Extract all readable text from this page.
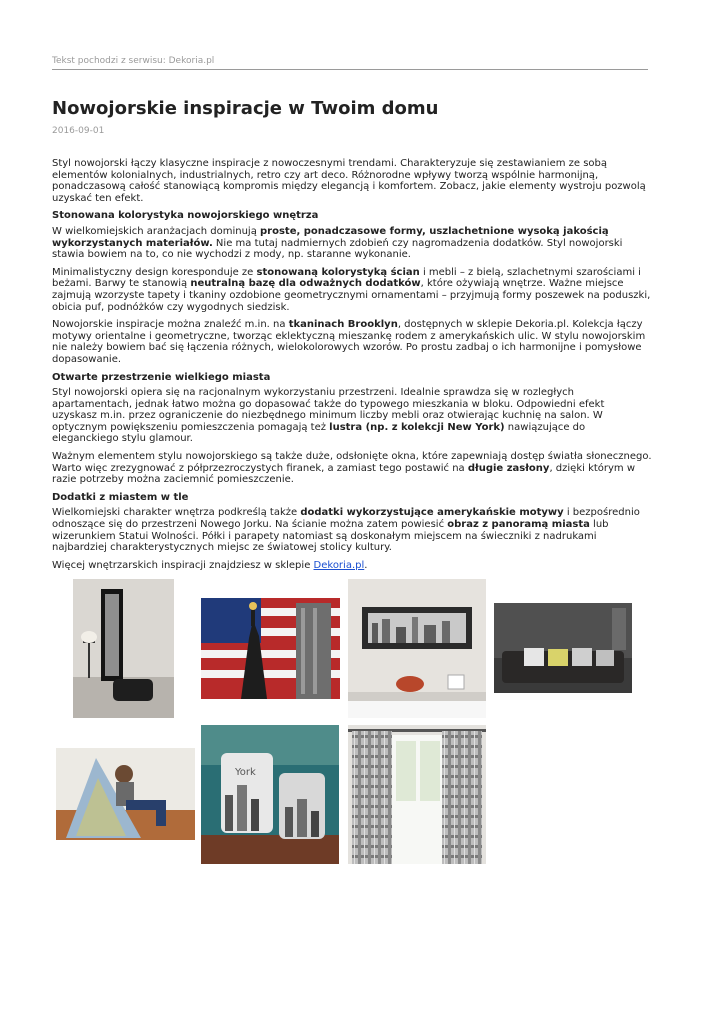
Tekst pochodzi z serwisu: Dekoria.pl
Nowojorskie inspiracje w Twoim domu
2016-09-01

Styl nowojorski łączy klasyczne inspiracje z nowoczesnymi trendami. Charakteryzuje się zestawianiem ze sobą elementów kolonialnych, industrialnych, retro czy art deco. Różnorodne wpływy tworzą wspólnie harmonijną, ponadczasową całość stanowiącą kompromis między elegancją i komfortem. Zobacz, jakie elementy wystroju pozwolą uzyskać ten efekt.

Stonowana kolorystyka nowojorskiego wnętrza

W wielkomiejskich aranżacjach dominują proste, ponadczasowe formy, uszlachetnione wysoką jakością wykorzystanych materiałów. Nie ma tutaj nadmiernych zdobień czy nagromadzenia dodatków. Styl nowojorski stawia bowiem na to, co nie wychodzi z mody, np. staranne wykonanie.

Minimalistyczny design koresponduje ze stonowaną kolorystyką ścian i mebli – z bielą, szlachetnymi szarościami i beżami. Barwy te stanowią neutralną bazę dla odważnych dodatków, które ożywiają wnętrze. Ważne miejsce zajmują wzorzyste tapety i tkaniny ozdobione geometrycznymi ornamentami – przyjmują formy poszewek na poduszki, obicia puf, podnóżków czy wygodnych siedzisk.

Nowojorskie inspiracje można znaleźć m.in. na tkaninach Brooklyn, dostępnych w sklepie Dekoria.pl. Kolekcja łączy motywy orientalne i geometryczne, tworząc eklektyczną mieszankę rodem z amerykańskich ulic. W stylu nowojorskim nie należy bowiem bać się łączenia różnych, wielokolorowych wzorów. Po prostu zadbaj o ich harmonijne i pomysłowe dopasowanie.

Otwarte przestrzenie wielkiego miasta

Styl nowojorski opiera się na racjonalnym wykorzystaniu przestrzeni. Idealnie sprawdza się w rozległych apartamentach, jednak łatwo można go dopasować także do typowego mieszkania w bloku. Odpowiedni efekt uzyskasz m.in. przez ograniczenie do niezbędnego minimum liczby mebli oraz otwierając kuchnię na salon. W optycznym powiększeniu pomieszczenia pomagają też lustra (np. z kolekcji New York) nawiązujące do eleganckiego stylu glamour.

Ważnym elementem stylu nowojorskiego są także duże, odsłonięte okna, które zapewniają dostęp światła słonecznego. Warto więc zrezygnować z półprzezroczystych firanek, a zamiast tego postawić na długie zasłony, dzięki którym w razie potrzeby można zaciemnić pomieszczenie.

Dodatki z miastem w tle

Wielkomiejski charakter wnętrza podkreślą także dodatki wykorzystujące amerykańskie motywy i bezpośrednio odnoszące się do przestrzeni Nowego Jorku. Na ścianie można zatem powiesić obraz z panoramą miasta lub wizerunkiem Statui Wolności. Półki i parapety natomiast są doskonałym miejscem na świeczniki z nadrukami najbardziej charakterystycznych miejsc ze światowej stolicy kultury.

Więcej wnętrzarskich inspiracji znajdziesz w sklepie Dekoria.pl.

York
